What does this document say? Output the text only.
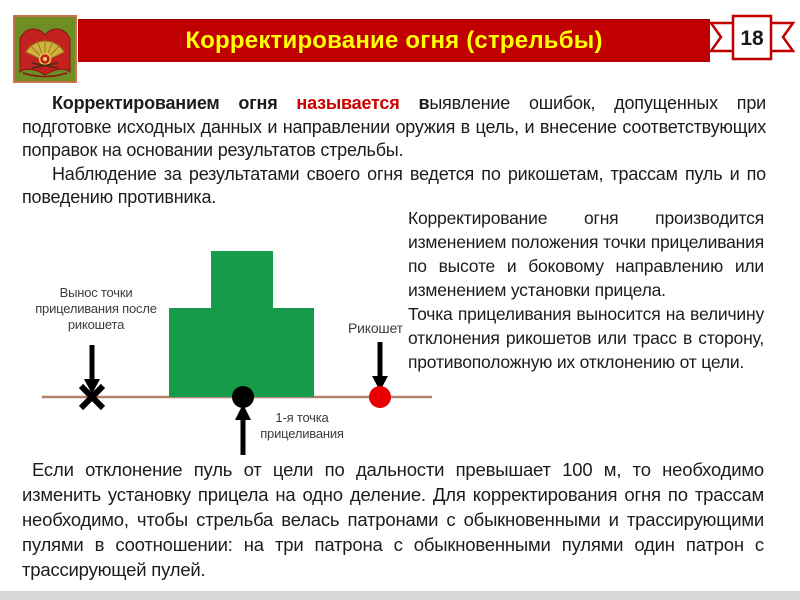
Корректирование огня (стрельбы)	18

Корректированием огня называется выявление ошибок, допущенных при подготовке исходных данных и направлении оружия в цель, и внесение соответствующих поправок на основании результатов стрельбы.

Наблюдение за результатами своего огня ведется по рикошетам, трассам пуль и по поведению противника.

Корректирование огня производится изменением положения точки прицеливания по высоте и боковому направлению или изменением установки прицела.

Точка прицеливания выносится на величину отклонения рикошетов или трасс в сторону, противоположную их отклонению от цели.

Вынос точки
прицеливания после
рикошета	Рикошет
1-я точка
прицеливания
Если отклонение пуль от цели по дальности превышает 100 м, то необходимо изменить установку прицела на одно деление. Для корректирования огня по трассам необходимо, чтобы стрельба велась патронами с обыкновенными и трассирующими пулями в соотношении: на три патрона с обыкновенными пулями один патрон с трассирующей пулей.
